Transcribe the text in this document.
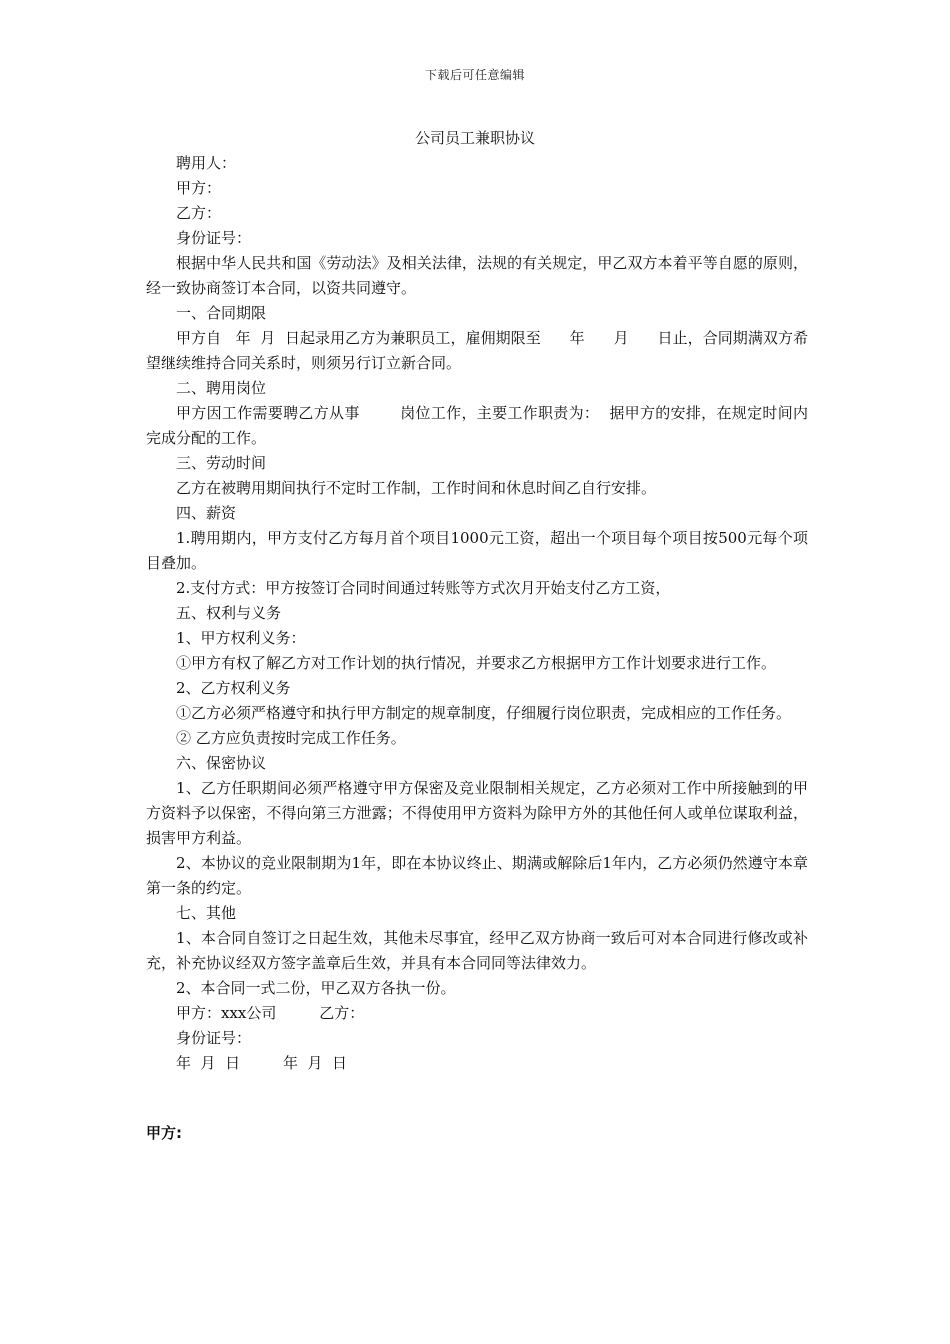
下载后可任意编辑
公司员工兼职协议

聘用人：

甲方：

乙方：

身份证号：

根据中华人民共和国《劳动法》及相关法律，法规的有关规定，甲乙双方本着平等自愿的原则，经一致协商签订本合同，以资共同遵守。

一、合同期限

甲方自   年  月  日起录用乙方为兼职员工，雇佣期限至      年      月      日止，合同期满双方希望继续维持合同关系时，则须另行订立新合同。

二、聘用岗位

甲方因工作需要聘乙方从事        岗位工作，主要工作职责为：  据甲方的安排，在规定时间内完成分配的工作。

三、劳动时间

乙方在被聘用期间执行不定时工作制，工作时间和休息时间乙自行安排。

四、薪资

1.聘用期内，甲方支付乙方每月首个项目1000元工资，超出一个项目每个项目按500元每个项目叠加。

2.支付方式：甲方按签订合同时间通过转账等方式次月开始支付乙方工资，

五、权利与义务

1、甲方权利义务：

①甲方有权了解乙方对工作计划的执行情况，并要求乙方根据甲方工作计划要求进行工作。

2、乙方权利义务

①乙方必须严格遵守和执行甲方制定的规章制度，仔细履行岗位职责，完成相应的工作任务。

② 乙方应负责按时完成工作任务。

六、保密协议

1、乙方任职期间必须严格遵守甲方保密及竞业限制相关规定，乙方必须对工作中所接触到的甲方资料予以保密，不得向第三方泄露；不得使用甲方资料为除甲方外的其他任何人或单位谋取利益，损害甲方利益。

2、本协议的竞业限制期为1年，即在本协议终止、期满或解除后1年内，乙方必须仍然遵守本章第一条的约定。

七、其他

1、本合同自签订之日起生效，其他未尽事宜，经甲乙双方协商一致后可对本合同进行修改或补充，补充协议经双方签字盖章后生效，并具有本合同同等法律效力。

2、本合同一式二份，甲乙双方各执一份。

甲方：xxx公司         乙方：

身份证号：

年  月  日         年  月  日

甲方:
